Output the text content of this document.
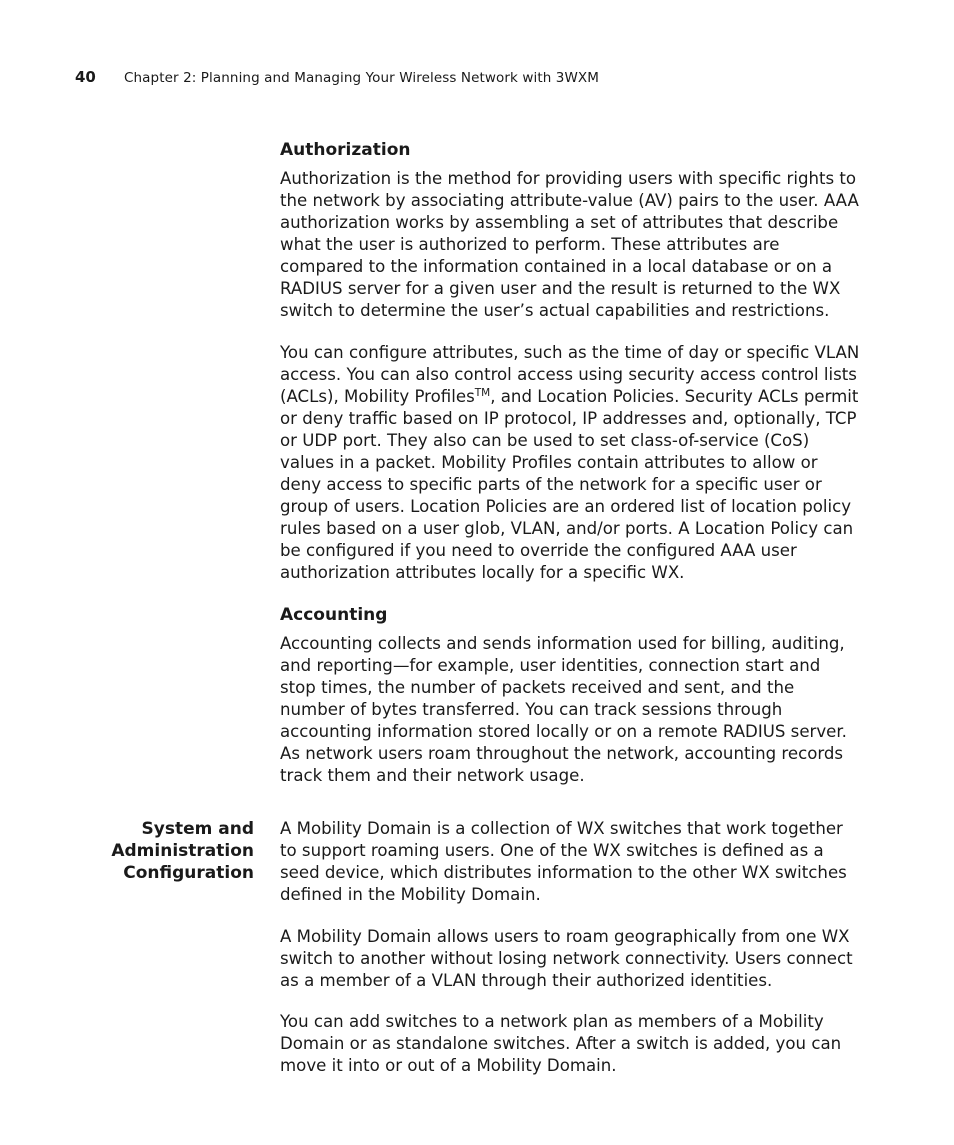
40 Chapter 2: Planning and Managing Your Wireless Network with 3WXM
Authorization

Authorization is the method for providing users with specific rights to the network by associating attribute-value (AV) pairs to the user. AAA authorization works by assembling a set of attributes that describe what the user is authorized to perform. These attributes are compared to the information contained in a local database or on a RADIUS server for a given user and the result is returned to the WX switch to determine the user’s actual capabilities and restrictions.

You can configure attributes, such as the time of day or specific VLAN access. You can also control access using security access control lists (ACLs), Mobility Profiles™, and Location Policies. Security ACLs permit or deny traffic based on IP protocol, IP addresses and, optionally, TCP or UDP port. They also can be used to set class-of-service (CoS) values in a packet. Mobility Profiles contain attributes to allow or deny access to specific parts of the network for a specific user or group of users. Location Policies are an ordered list of location policy rules based on a user glob, VLAN, and/or ports. A Location Policy can be configured if you need to override the configured AAA user authorization attributes locally for a specific WX.

Accounting

Accounting collects and sends information used for billing, auditing, and reporting—for example, user identities, connection start and stop times, the number of packets received and sent, and the number of bytes transferred. You can track sessions through accounting information stored locally or on a remote RADIUS server. As network users roam throughout the network, accounting records track them and their network usage.

System and
Administration
Configuration

A Mobility Domain is a collection of WX switches that work together to support roaming users. One of the WX switches is defined as a seed device, which distributes information to the other WX switches defined in the Mobility Domain.

A Mobility Domain allows users to roam geographically from one WX switch to another without losing network connectivity. Users connect as a member of a VLAN through their authorized identities.

You can add switches to a network plan as members of a Mobility Domain or as standalone switches. After a switch is added, you can move it into or out of a Mobility Domain.
